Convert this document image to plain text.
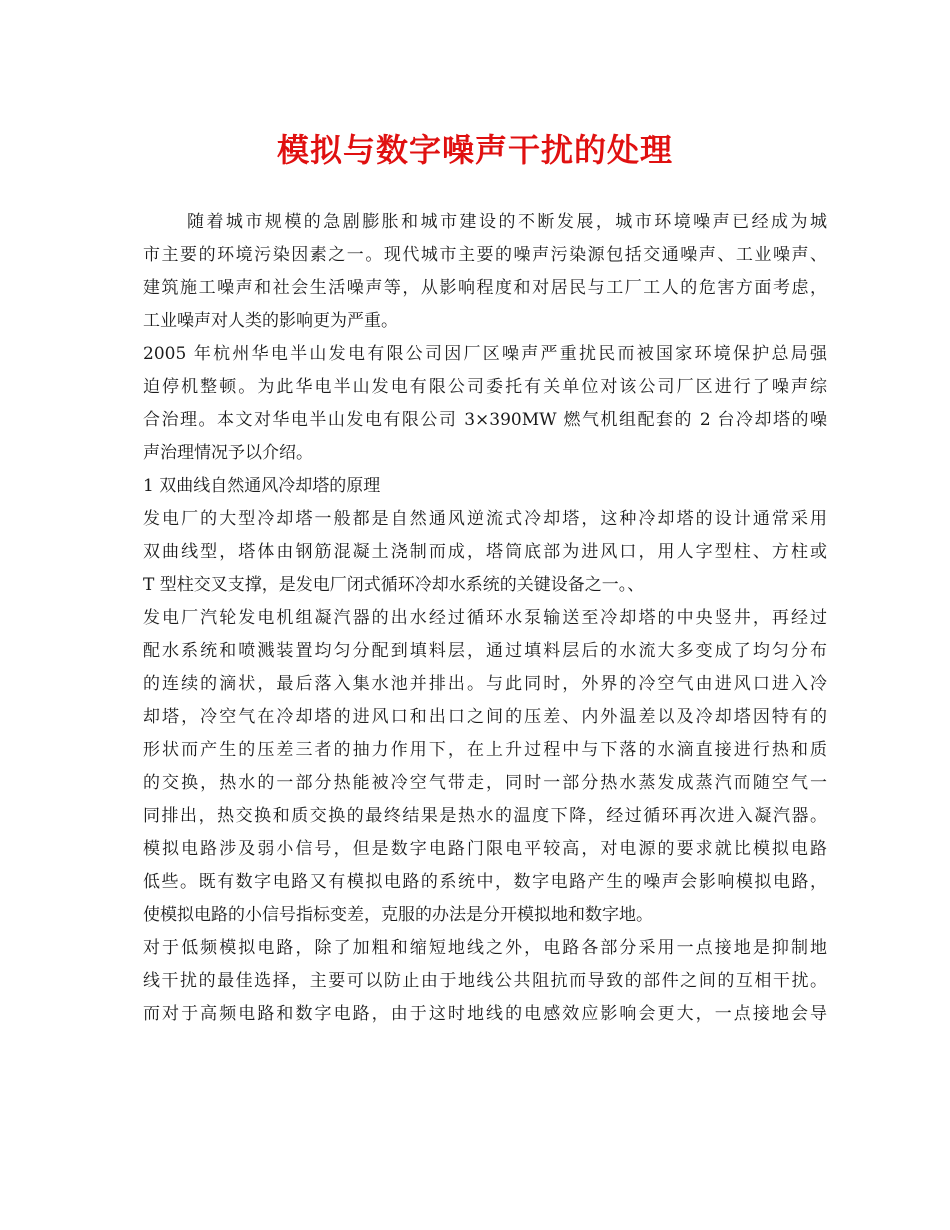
模拟与数字噪声干扰的处理
随着城市规模的急剧膨胀和城市建设的不断发展，城市环境噪声已经成为城
市主要的环境污染因素之一。现代城市主要的噪声污染源包括交通噪声、工业噪声、
建筑施工噪声和社会生活噪声等，从影响程度和对居民与工厂工人的危害方面考虑，
工业噪声对人类的影响更为严重。
2005 年杭州华电半山发电有限公司因厂区噪声严重扰民而被国家环境保护总局强
迫停机整顿。为此华电半山发电有限公司委托有关单位对该公司厂区进行了噪声综
合治理。本文对华电半山发电有限公司 3×390MW 燃气机组配套的 2 台冷却塔的噪
声治理情况予以介绍。
1 双曲线自然通风冷却塔的原理
发电厂的大型冷却塔一般都是自然通风逆流式冷却塔，这种冷却塔的设计通常采用
双曲线型，塔体由钢筋混凝土浇制而成，塔筒底部为进风口，用人字型柱、方柱或
T 型柱交叉支撑，是发电厂闭式循环冷却水系统的关键设备之一。、
发电厂汽轮发电机组凝汽器的出水经过循环水泵输送至冷却塔的中央竖井，再经过
配水系统和喷溅装置均匀分配到填料层，通过填料层后的水流大多变成了均匀分布
的连续的滴状，最后落入集水池并排出。与此同时，外界的冷空气由进风口进入冷
却塔，冷空气在冷却塔的进风口和出口之间的压差、内外温差以及冷却塔因特有的
形状而产生的压差三者的抽力作用下，在上升过程中与下落的水滴直接进行热和质
的交换，热水的一部分热能被冷空气带走，同时一部分热水蒸发成蒸汽而随空气一
同排出，热交换和质交换的最终结果是热水的温度下降，经过循环再次进入凝汽器。
模拟电路涉及弱小信号，但是数字电路门限电平较高，对电源的要求就比模拟电路
低些。既有数字电路又有模拟电路的系统中，数字电路产生的噪声会影响模拟电路，
使模拟电路的小信号指标变差，克服的办法是分开模拟地和数字地。
对于低频模拟电路，除了加粗和缩短地线之外，电路各部分采用一点接地是抑制地
线干扰的最佳选择，主要可以防止由于地线公共阻抗而导致的部件之间的互相干扰。
而对于高频电路和数字电路，由于这时地线的电感效应影响会更大，一点接地会导
